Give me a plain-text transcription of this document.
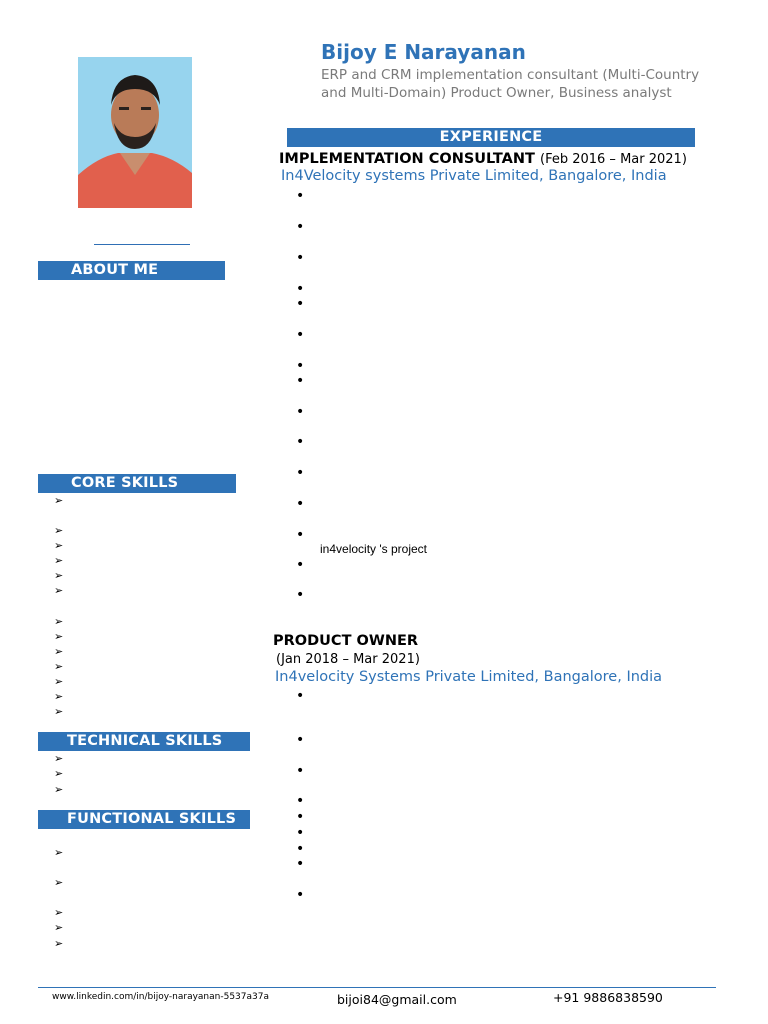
Bijoy E Narayanan
ERP and CRM implementation consultant (Multi-Country and Multi-Domain) Product Owner, Business analyst
ABOUT ME
CORE SKILLS
TECHNICAL SKILLS
FUNCTIONAL SKILLS
➢
➢
➢
➢
➢
➢
➢
➢
➢
➢
➢
➢
➢
➢
➢
➢
➢
➢
➢
➢
➢
EXPERIENCE
IMPLEMENTATION CONSULTANT (Feb 2016 – Mar 2021)
In4Velocity systems Private Limited, Bangalore, India
•
•
•
•
•
•
•
•
•
•
•
•
•
•
•
in4velocity 's project
PRODUCT OWNER
(Jan 2018 – Mar 2021)
In4velocity Systems Private Limited, Bangalore, India
•
•
•
•
•
•
•
•
•
www.linkedin.com/in/bijoy-narayanan-5537a37a	bijoi84@gmail.com	+91 9886838590
